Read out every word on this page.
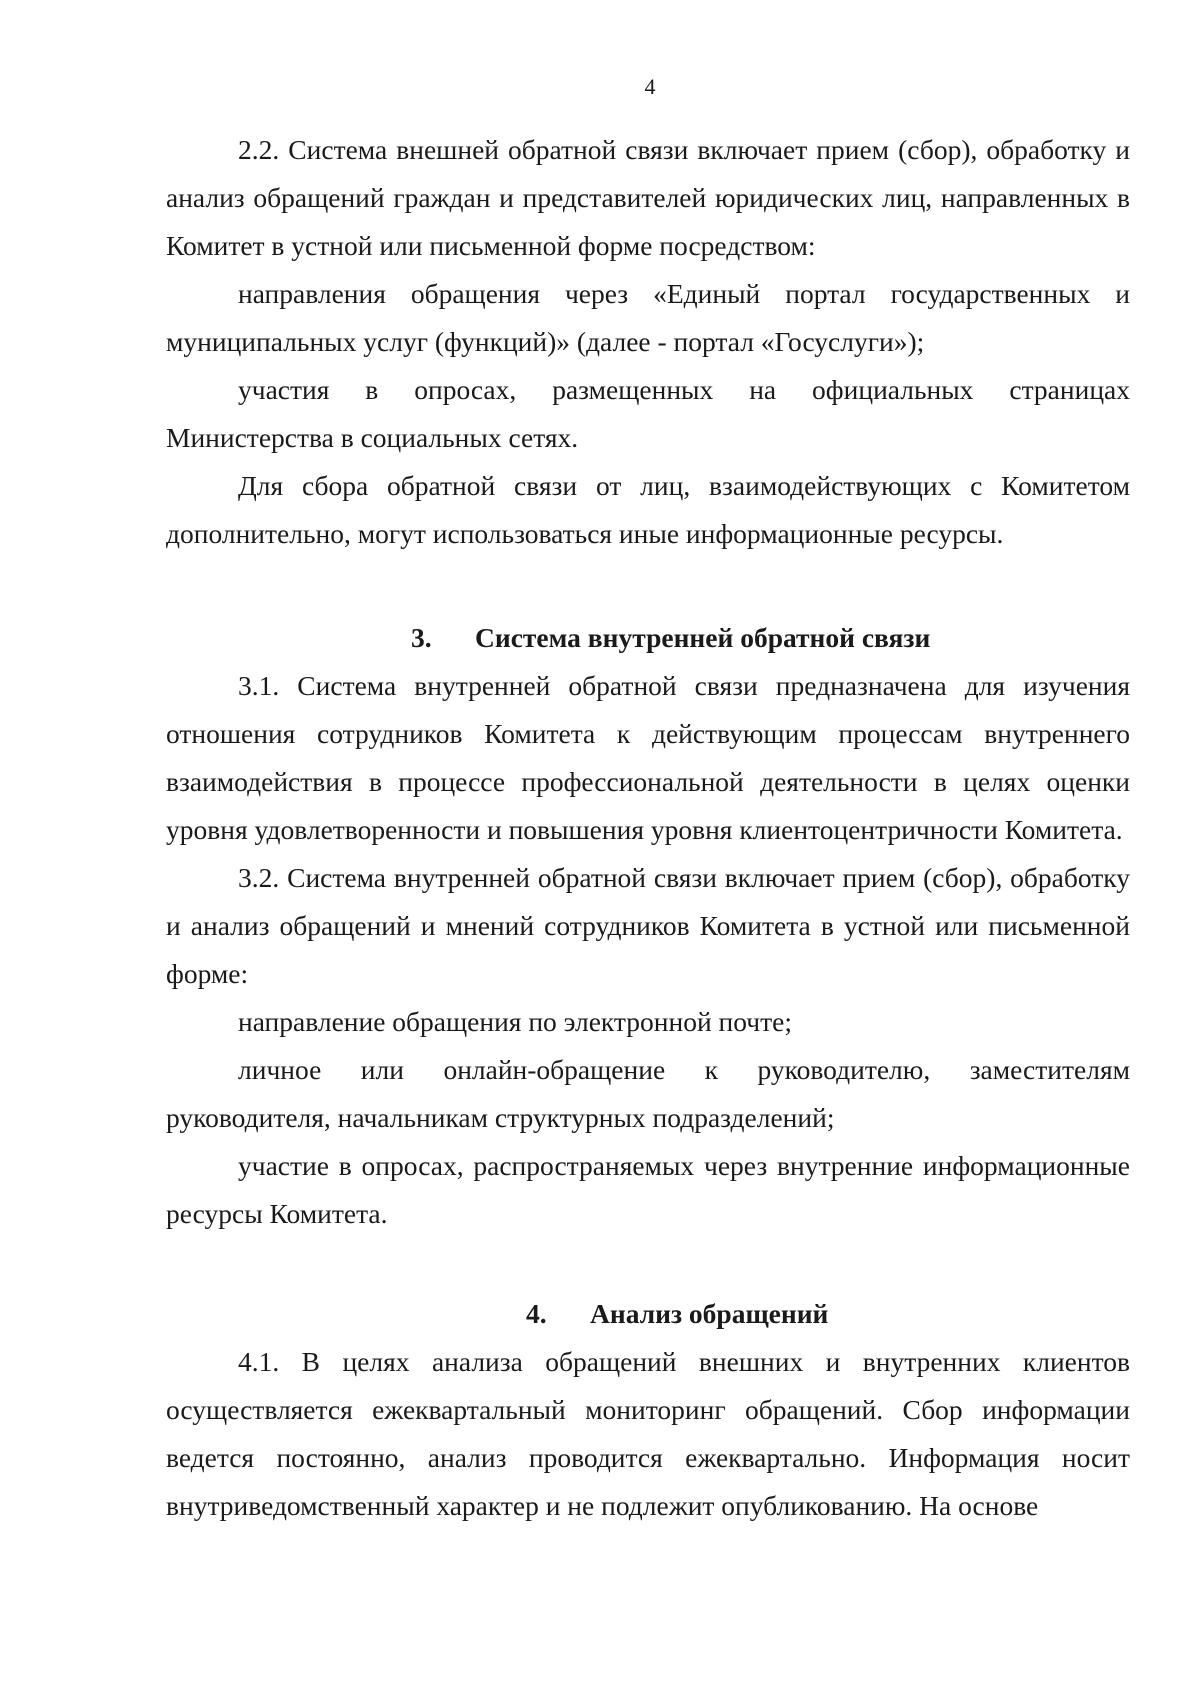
4

2.2. Система внешней обратной связи включает прием (сбор), обработку и анализ обращений граждан и представителей юридических лиц, направленных в Комитет в устной или письменной форме посредством:

направления обращения через «Единый портал государственных и муниципальных услуг (функций)» (далее - портал «Госуслуги»);

участия в опросах, размещенных на официальных страницах Министерства в социальных сетях.

Для сбора обратной связи от лиц, взаимодействующих с Комитетом дополнительно, могут использоваться иные информационные ресурсы.

3.	Система внутренней обратной связи

3.1. Система внутренней обратной связи предназначена для изучения отношения сотрудников Комитета к действующим процессам внутреннего взаимодействия в процессе профессиональной деятельности в целях оценки уровня удовлетворенности и повышения уровня клиентоцентричности Комитета.

3.2. Система внутренней обратной связи включает прием (сбор), обработку и анализ обращений и мнений сотрудников Комитета в устной или письменной форме:

направление обращения по электронной почте;

личное или онлайн-обращение к руководителю, заместителям руководителя, начальникам структурных подразделений;

участие в опросах, распространяемых через внутренние информационные ресурсы Комитета.

4.	Анализ обращений

4.1. В целях анализа обращений внешних и внутренних клиентов осуществляется ежеквартальный мониторинг обращений. Сбор информации ведется постоянно, анализ проводится ежеквартально. Информация носит внутриведомственный характер и не подлежит опубликованию. На основе
